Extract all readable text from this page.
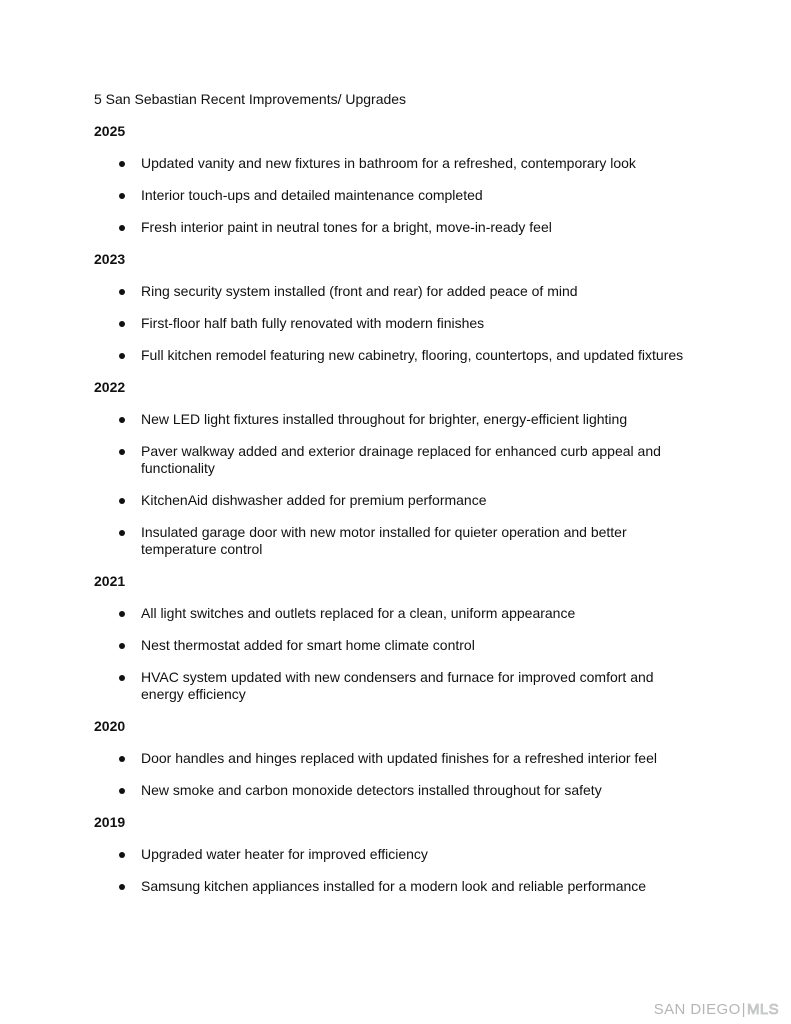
5 San Sebastian Recent Improvements/ Upgrades

2025
Updated vanity and new fixtures in bathroom for a refreshed, contemporary look
Interior touch-ups and detailed maintenance completed
Fresh interior paint in neutral tones for a bright, move-in-ready feel
2023
Ring security system installed (front and rear) for added peace of mind
First-floor half bath fully renovated with modern finishes
Full kitchen remodel featuring new cabinetry, flooring, countertops, and updated fixtures
2022
New LED light fixtures installed throughout for brighter, energy-efficient lighting
Paver walkway added and exterior drainage replaced for enhanced curb appeal and functionality
KitchenAid dishwasher added for premium performance
Insulated garage door with new motor installed for quieter operation and better temperature control
2021
All light switches and outlets replaced for a clean, uniform appearance
Nest thermostat added for smart home climate control
HVAC system updated with new condensers and furnace for improved comfort and energy efficiency
2020
Door handles and hinges replaced with updated finishes for a refreshed interior feel
New smoke and carbon monoxide detectors installed throughout for safety
2019
Upgraded water heater for improved efficiency
Samsung kitchen appliances installed for a modern look and reliable performance
SAN DIEGO|MLS
